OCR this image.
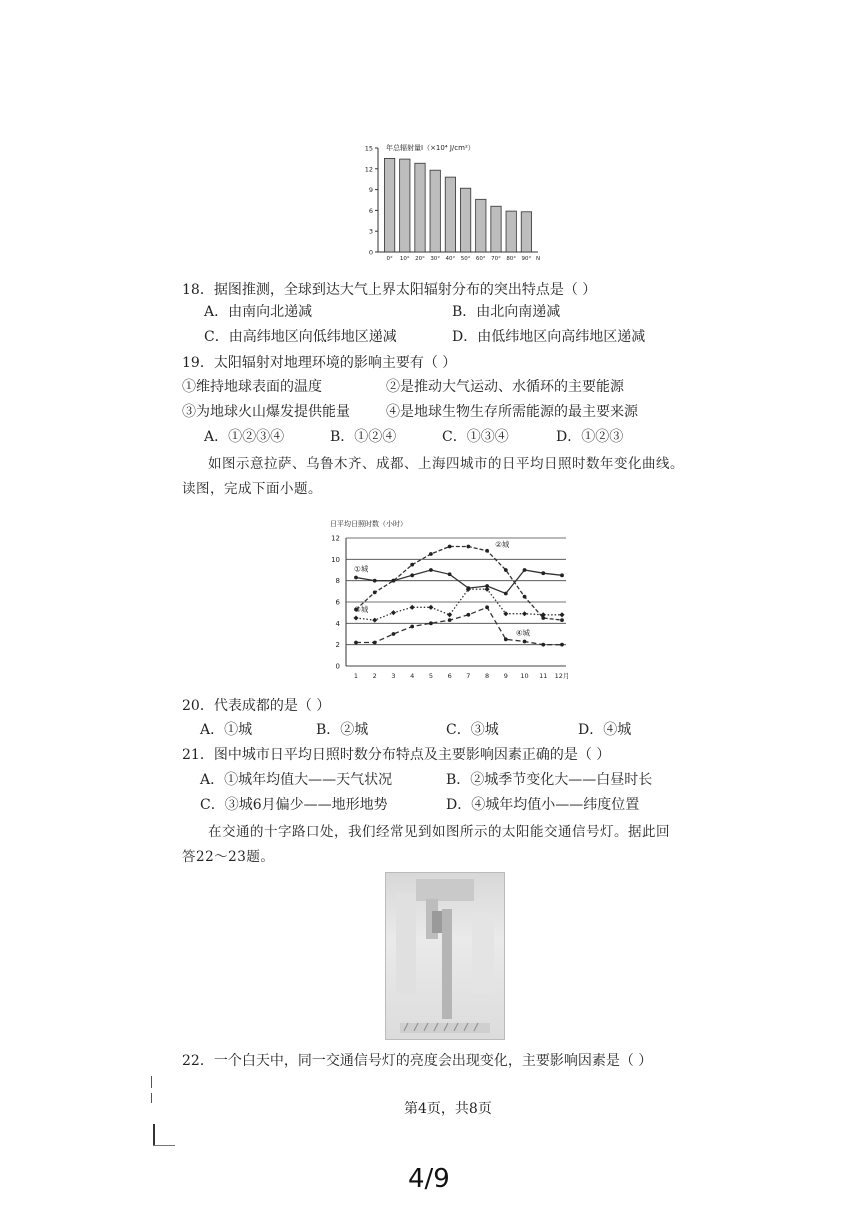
年总辐射量I（×10⁴ J/cm²）
0
3
6
9
12
15
0° 10° 20° 30° 40° 50° 60° 70° 80° 90° N
18．据图推测，全球到达大气上界太阳辐射分布的突出特点是（ ）
A．由南向北递减	B．由北向南递减
C．由高纬地区向低纬地区递减	D．由低纬地区向高纬地区递减
19．太阳辐射对地理环境的影响主要有（ ）
①维持地球表面的温度	②是推动大气运动、水循环的主要能源
③为地球火山爆发提供能量	④是地球生物生存所需能源的最主要来源
A．①②③④	B．①②④	C．①③④	D．①②③
如图示意拉萨、乌鲁木齐、成都、上海四城市的日平均日照时数年变化曲线。
读图，完成下面小题。
日平均日照时数（小时）
0
2
4
6
8
10
12
1 2 3 4 5 6 7 8 9 10 11 12月
①城
②城
③城
④城
20．代表成都的是（ ）
A．①城	B．②城	C．③城	D．④城
21．图中城市日平均日照时数分布特点及主要影响因素正确的是（ ）
A．①城年均值大——天气状况	B．②城季节变化大——白昼时长
C．③城6月偏少——地形地势	D．④城年均值小——纬度位置
在交通的十字路口处，我们经常见到如图所示的太阳能交通信号灯。据此回
答22～23题。
22．一个白天中，同一交通信号灯的亮度会出现变化，主要影响因素是（ ）
第4页，共8页
4/9
